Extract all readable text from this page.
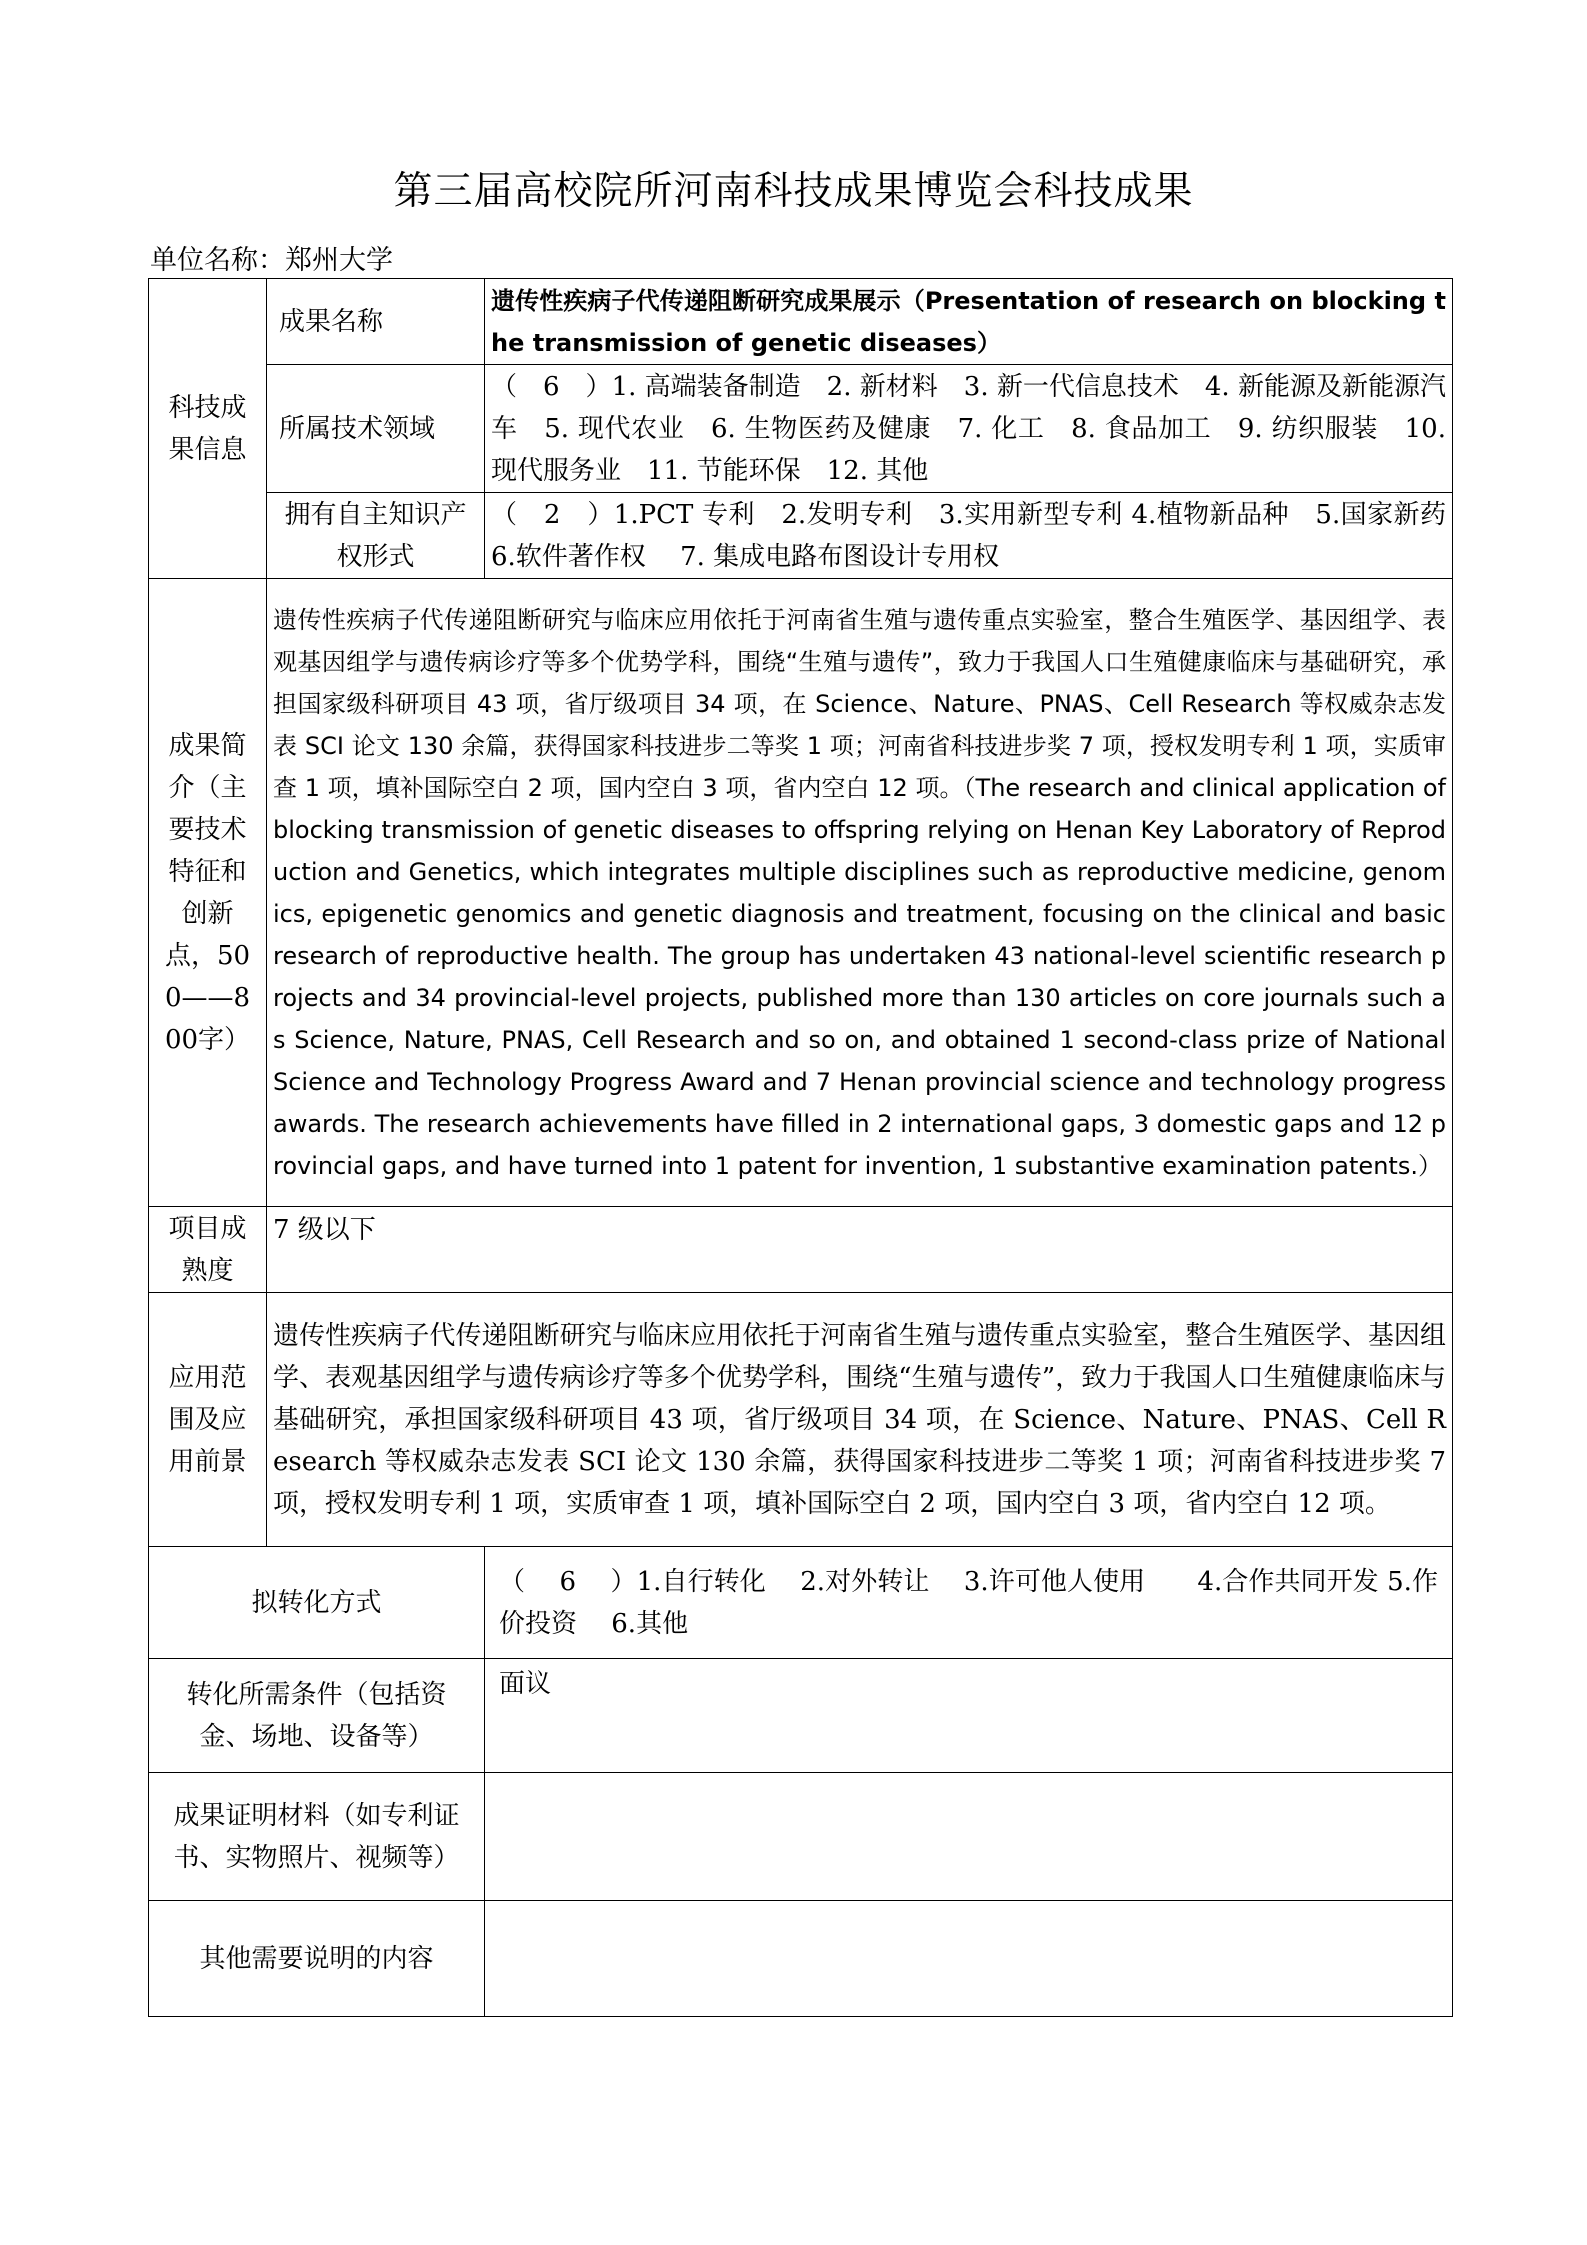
第三届高校院所河南科技成果博览会科技成果
单位名称：郑州大学
科技成果信息	成果名称	遗传性疾病子代传递阻断研究成果展示（Presentation of research on blocking the transmission of genetic diseases）
	所属技术领域	（　6　）1. 高端装备制造　2. 新材料　3. 新一代信息技术　4. 新能源及新能源汽车　5. 现代农业　6. 生物医药及健康　7. 化工　8. 食品加工　9. 纺织服装　10. 现代服务业　11. 节能环保　12. 其他
	拥有自主知识产权形式	（　2　）1.PCT 专利　2.发明专利　3.实用新型专利 4.植物新品种　5.国家新药　 6.软件著作权　 7. 集成电路布图设计专用权
成果简介（主要技术特征和创新点，500——800字）	遗传性疾病子代传递阻断研究与临床应用依托于河南省生殖与遗传重点实验室，整合生殖医学、基因组学、表观基因组学与遗传病诊疗等多个优势学科，围绕“生殖与遗传”，致力于我国人口生殖健康临床与基础研究，承担国家级科研项目 43 项，省厅级项目 34 项，在 Science、Nature、PNAS、Cell Research 等权威杂志发表 SCI 论文 130 余篇，获得国家科技进步二等奖 1 项；河南省科技进步奖 7 项，授权发明专利 1 项，实质审查 1 项，填补国际空白 2 项，国内空白 3 项，省内空白 12 项。（The research and clinical application of blocking transmission of genetic diseases to offspring relying on Henan Key Laboratory of Reproduction and Genetics, which integrates multiple disciplines such as reproductive medicine, genomics, epigenetic genomics and genetic diagnosis and treatment, focusing on the clinical and basic research of reproductive health. The group has undertaken 43 national-level scientific research projects and 34 provincial-level projects, published more than 130 articles on core journals such as Science, Nature, PNAS, Cell Research and so on, and obtained 1 second-class prize of National Science and Technology Progress Award and 7 Henan provincial science and technology progress awards. The research achievements have filled in 2 international gaps, 3 domestic gaps and 12 provincial gaps, and have turned into 1 patent for invention, 1 substantive examination patents.）	
项目成熟度	7 级以下	
应用范围及应用前景	遗传性疾病子代传递阻断研究与临床应用依托于河南省生殖与遗传重点实验室，整合生殖医学、基因组学、表观基因组学与遗传病诊疗等多个优势学科，围绕“生殖与遗传”，致力于我国人口生殖健康临床与基础研究，承担国家级科研项目 43 项，省厅级项目 34 项，在 Science、Nature、PNAS、Cell Research 等权威杂志发表 SCI 论文 130 余篇，获得国家科技进步二等奖 1 项；河南省科技进步奖 7 项，授权发明专利 1 项，实质审查 1 项，填补国际空白 2 项，国内空白 3 项，省内空白 12 项。	
拟转化方式		（　 6　 ）1.自行转化　 2.对外转让　 3.许可他人使用　　4.合作共同开发 5.作价投资　 6.其他
转化所需条件（包括资金、场地、设备等）		面议
成果证明材料（如专利证书、实物照片、视频等）		
其他需要说明的内容		
